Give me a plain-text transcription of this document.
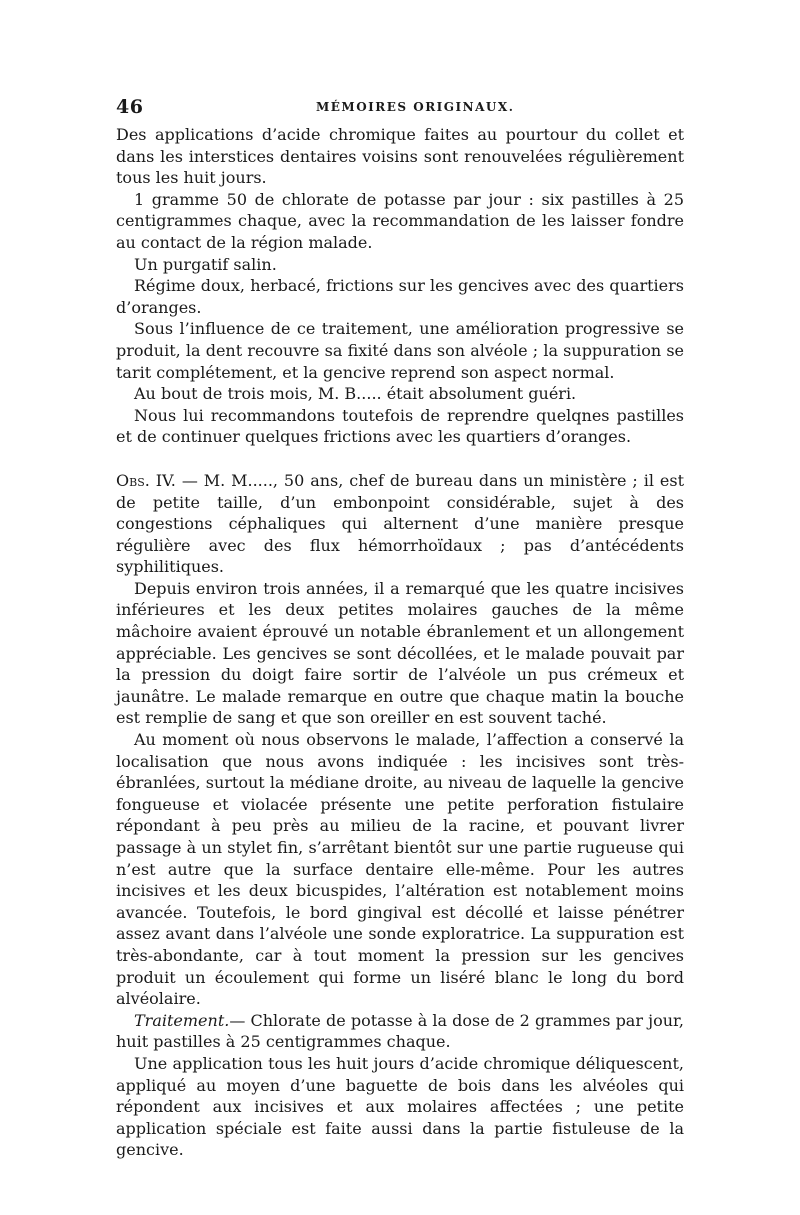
46	MÉMOIRES ORIGINAUX.

Des applications d’acide chromique faites au pourtour du collet et dans les interstices dentaires voisins sont renouvelées régulièrement tous les huit jours.

1 gramme 50 de chlorate de potasse par jour : six pastilles à 25 centigrammes chaque, avec la recommandation de les laisser fondre au contact de la région malade.

Un purgatif salin.

Régime doux, herbacé, frictions sur les gencives avec des quartiers d’oranges.

Sous l’influence de ce traitement, une amélioration progressive se produit, la dent recouvre sa fixité dans son alvéole ; la suppuration se tarit complétement, et la gencive reprend son aspect normal.

Au bout de trois mois, M. B..... était absolument guéri.

Nous lui recommandons toutefois de reprendre quelqnes pastilles et de continuer quelques frictions avec les quartiers d’oranges.

Obs. IV. — M. M....., 50 ans, chef de bureau dans un ministère ; il est de petite taille, d’un embonpoint considérable, sujet à des congestions céphaliques qui alternent d’une manière presque régulière avec des flux hémorrhoïdaux ; pas d’antécédents syphilitiques.

Depuis environ trois années, il a remarqué que les quatre incisives inférieures et les deux petites molaires gauches de la même mâchoire avaient éprouvé un notable ébranlement et un allongement appréciable. Les gencives se sont décollées, et le malade pouvait par la pression du doigt faire sortir de l’alvéole un pus crémeux et jaunâtre. Le malade remarque en outre que chaque matin la bouche est remplie de sang et que son oreiller en est souvent taché.

Au moment où nous observons le malade, l’affection a conservé la localisation que nous avons indiquée : les incisives sont très-ébranlées, surtout la médiane droite, au niveau de laquelle la gencive fongueuse et violacée présente une petite perforation fistulaire répondant à peu près au milieu de la racine, et pouvant livrer passage à un stylet fin, s’arrêtant bientôt sur une partie rugueuse qui n’est autre que la surface dentaire elle-même. Pour les autres incisives et les deux bicuspides, l’altération est notablement moins avancée. Toutefois, le bord gingival est décollé et laisse pénétrer assez avant dans l’alvéole une sonde exploratrice. La suppuration est très-abondante, car à tout moment la pression sur les gencives produit un écoulement qui forme un liséré blanc le long du bord alvéolaire.

Traitement.— Chlorate de potasse à la dose de 2 grammes par jour, huit pastilles à 25 centigrammes chaque.

Une application tous les huit jours d’acide chromique déliquescent, appliqué au moyen d’une baguette de bois dans les alvéoles qui répondent aux incisives et aux molaires affectées ; une petite application spéciale est faite aussi dans la partie fistuleuse de la gencive.
